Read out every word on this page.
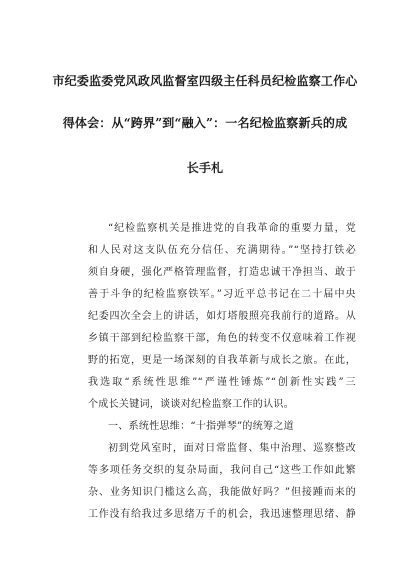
市纪委监委党风政风监督室四级主任科员纪检监察工作心
得体会：从“跨界”到“融入”：一名纪检监察新兵的成
长手札
“纪检监察机关是推进党的自我革命的重要力量，党
和人民对这支队伍充分信任、充满期待。”“坚持打铁必
须自身硬，强化严格管理监督，打造忠诚干净担当、敢于
善于斗争的纪检监察铁军。”习近平总书记在二十届中央
纪委四次全会上的讲话，如灯塔般照亮我前行的道路。从
乡镇干部到纪检监察干部，角色的转变不仅意味着工作视
野的拓宽，更是一场深刻的自我革新与成长之旅。在此，
我选取“系统性思维”“严谨性锤炼”“创新性实践”三
个成长关键词，谈谈对纪检监察工作的认识。
一、系统性思维：“十指弹琴”的统筹之道
初到党风室时，面对日常监督、集中治理、巡察整改
等多项任务交织的复杂局面，我问自己“这些工作如此繁
杂、业务知识门槛这么高，我能做好吗？”但接踵而来的
工作没有给我过多思绪万千的机会，我迅速整理思绪、静
